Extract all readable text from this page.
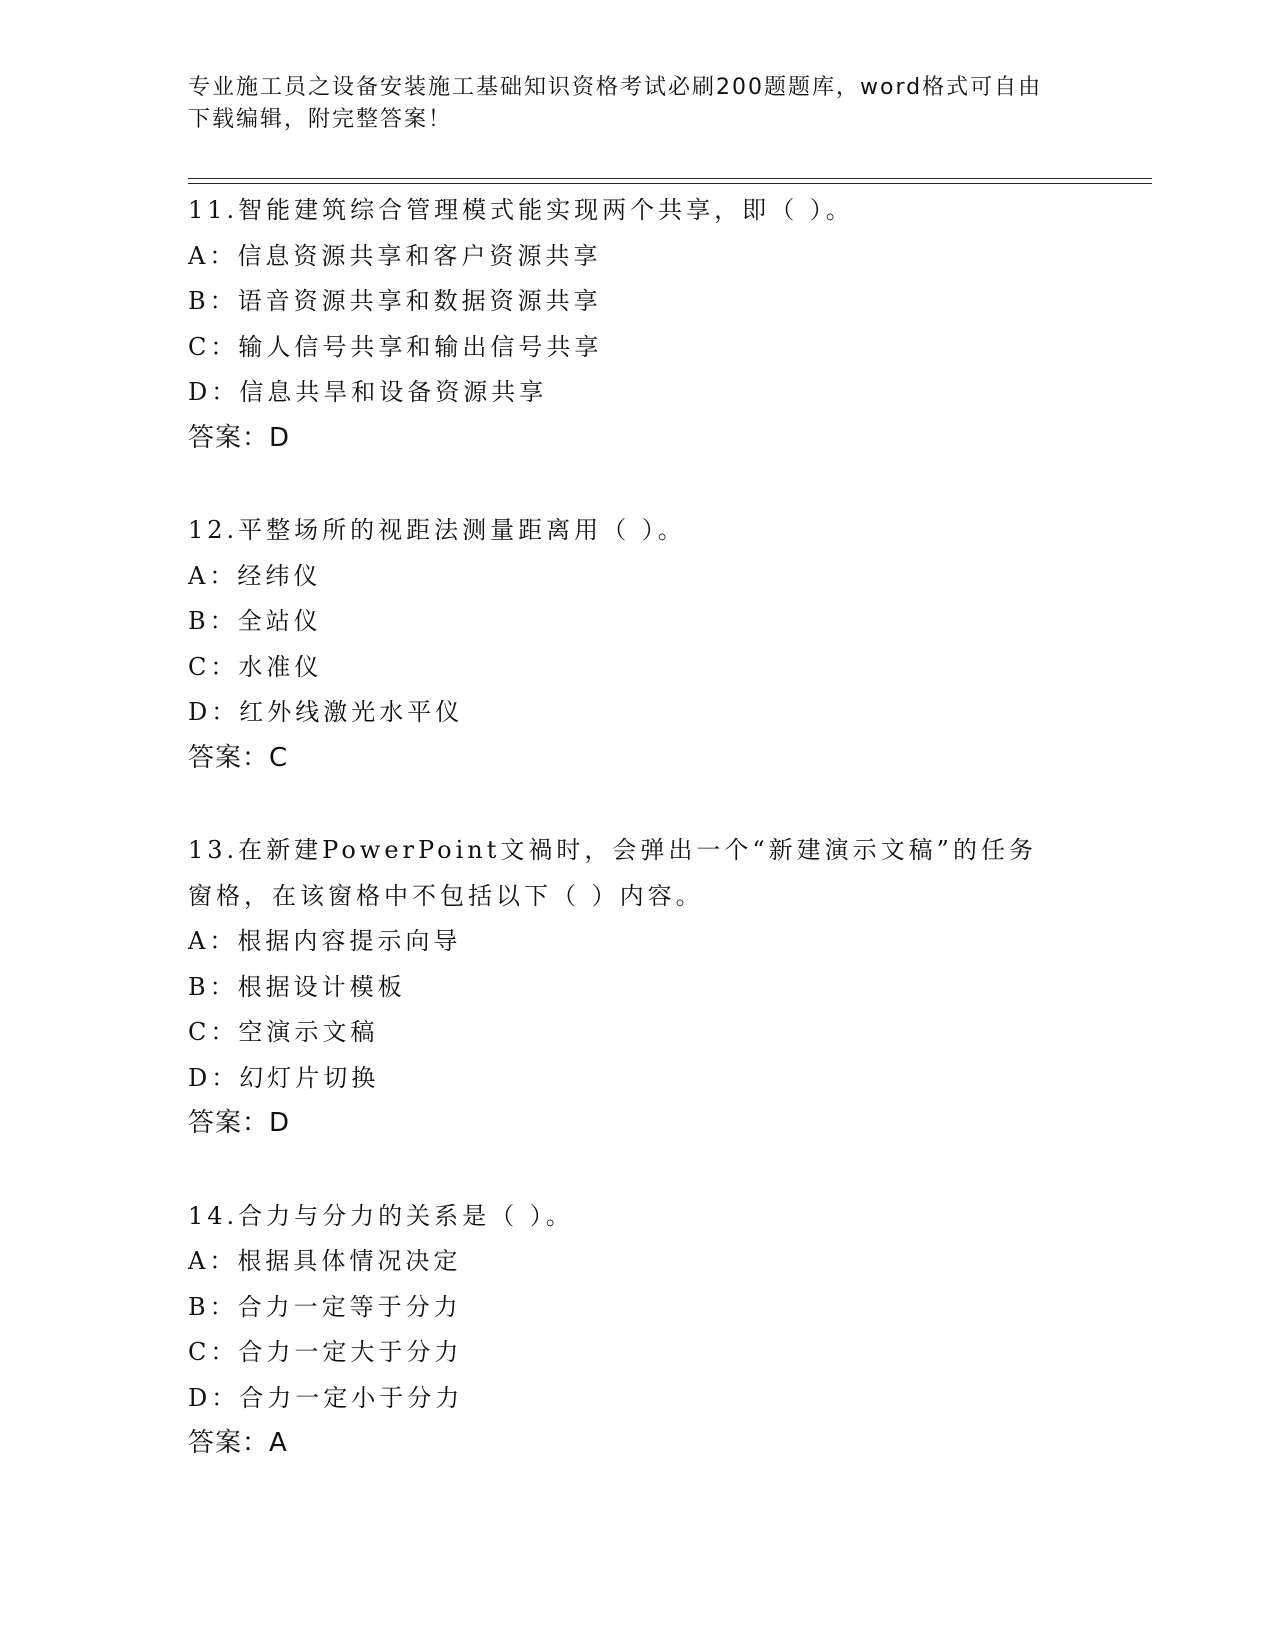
专业施工员之设备安装施工基础知识资格考试必刷200题题库，word格式可自由
下载编辑，附完整答案！
11.智能建筑综合管理模式能实现两个共享，即（ ）。
A：信息资源共享和客户资源共享
B：语音资源共享和数据资源共享
C：输人信号共享和输出信号共享
D：信息共旱和设备资源共享
答案：D
12.平整场所的视距法测量距离用（ ）。
A：经纬仪
B：全站仪
C：水准仪
D：红外线激光水平仪
答案：C
13.在新建PowerPoint文禍时，会弹出一个“新建演示文稿”的任务
窗格，在该窗格中不包括以下（ ）内容。
A：根据内容提示向导
B：根据设计模板
C：空演示文稿
D：幻灯片切换
答案：D
14.合力与分力的关系是（ ）。
A：根据具体情况决定
B：合力一定等于分力
C：合力一定大于分力
D：合力一定小于分力
答案：A
